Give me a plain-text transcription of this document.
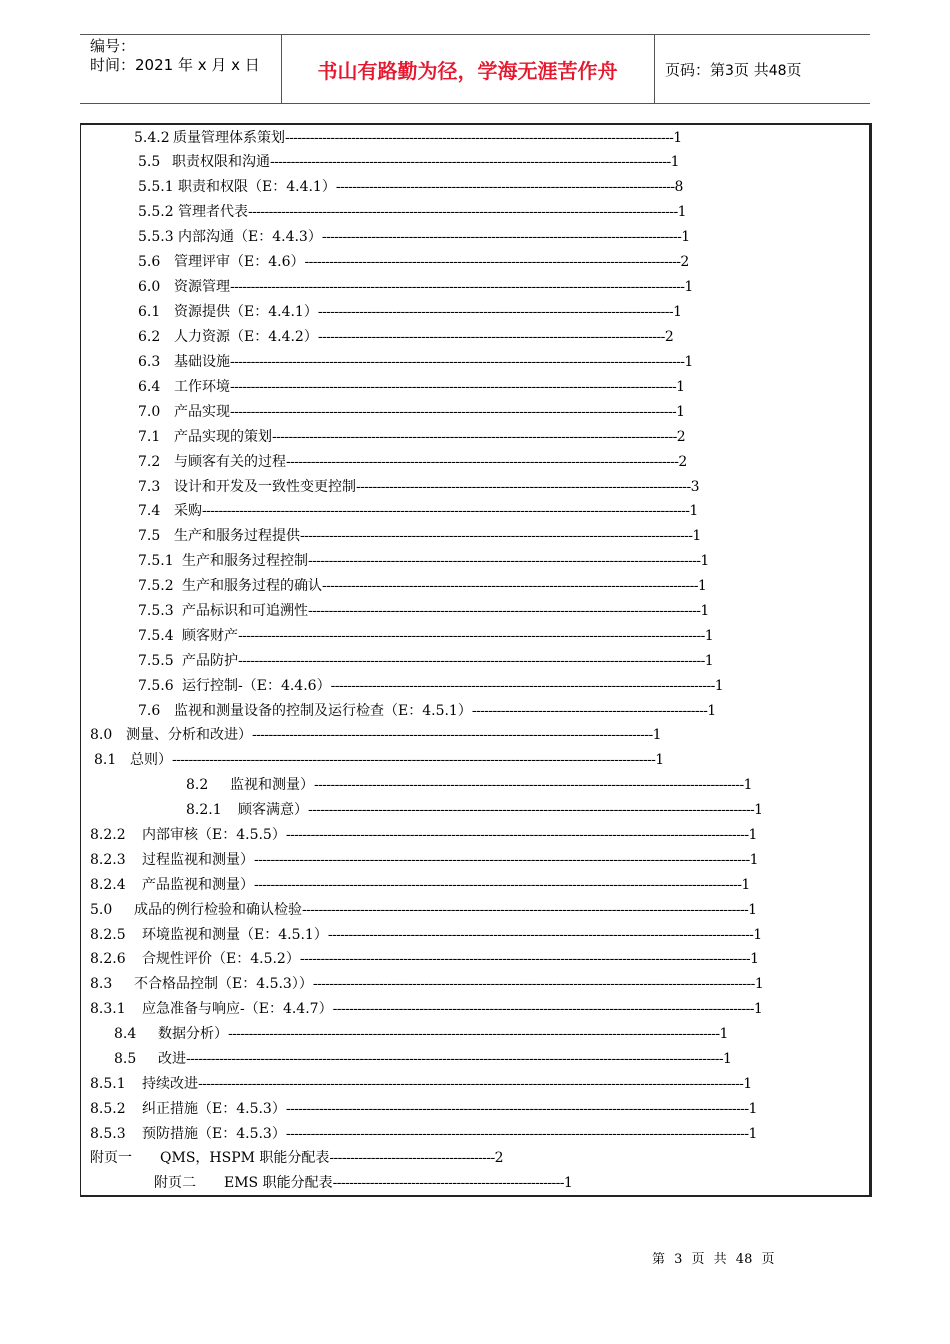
编号：
时间：2021 年 x 月 x 日	书山有路勤为径，学海无涯苦作舟	页码：第3页 共48页
5.4.2 质量管理体系策划----------------------------------------------------------------------------------------------1
5.5 职责权限和沟通-------------------------------------------------------------------------------------------------1
5.5.1 职责和权限（E：4.4.1）----------------------------------------------------------------------------------8
5.5.2 管理者代表--------------------------------------------------------------------------------------------------------1
5.5.3 内部沟通（E：4.4.3）---------------------------------------------------------------------------------------1
5.6 管理评审（E：4.6）-------------------------------------------------------------------------------------------2
6.0 资源管理--------------------------------------------------------------------------------------------------------------1
6.1 资源提供（E：4.4.1）--------------------------------------------------------------------------------------1
6.2 人力资源（E：4.4.2）------------------------------------------------------------------------------------2
6.3 基础设施--------------------------------------------------------------------------------------------------------------1
6.4 工作环境------------------------------------------------------------------------------------------------------------1
7.0 产品实现------------------------------------------------------------------------------------------------------------1
7.1 产品实现的策划--------------------------------------------------------------------------------------------------2
7.2 与顾客有关的过程-----------------------------------------------------------------------------------------------2
7.3 设计和开发及一致性变更控制---------------------------------------------------------------------------------3
7.4 采购----------------------------------------------------------------------------------------------------------------------1
7.5 生产和服务过程提供-----------------------------------------------------------------------------------------------1
7.5.1 生产和服务过程控制-----------------------------------------------------------------------------------------------1
7.5.2 生产和服务过程的确认-------------------------------------------------------------------------------------------1
7.5.3 产品标识和可追溯性-----------------------------------------------------------------------------------------------1
7.5.4 顾客财产-----------------------------------------------------------------------------------------------------------------1
7.5.5 产品防护-----------------------------------------------------------------------------------------------------------------1
7.5.6 运行控制-（E：4.4.6）---------------------------------------------------------------------------------------------1
7.6 监视和测量设备的控制及运行检查（E：4.5.1）---------------------------------------------------------1
8.0 测量、分析和改进）-------------------------------------------------------------------------------------------------1
8.1 总则）---------------------------------------------------------------------------------------------------------------------1
8.2 监视和测量）--------------------------------------------------------------------------------------------------------1
8.2.1 顾客满意）------------------------------------------------------------------------------------------------------------1
8.2.2 内部审核（E：4.5.5）----------------------------------------------------------------------------------------------------------------1
8.2.3 过程监视和测量）------------------------------------------------------------------------------------------------------------------------1
8.2.4 产品监视和测量）----------------------------------------------------------------------------------------------------------------------1
5.0 成品的例行检验和确认检验------------------------------------------------------------------------------------------------------------1
8.2.5 环境监视和测量（E：4.5.1）-------------------------------------------------------------------------------------------------------1
8.2.6 合规性评价（E：4.5.2）-------------------------------------------------------------------------------------------------------------1
8.3 不合格品控制（E：4.5.3））-----------------------------------------------------------------------------------------------------------1
8.3.1 应急准备与响应-（E：4.4.7）------------------------------------------------------------------------------------------------------1
8.4 数据分析）-----------------------------------------------------------------------------------------------------------------------1
8.5 改进----------------------------------------------------------------------------------------------------------------------------------1
8.5.1 持续改进------------------------------------------------------------------------------------------------------------------------------------1
8.5.2 纠正措施（E：4.5.3）----------------------------------------------------------------------------------------------------------------1
8.5.3 预防措施（E：4.5.3）----------------------------------------------------------------------------------------------------------------1
附页一 QMS，HSPM 职能分配表----------------------------------------2
附页二 EMS 职能分配表--------------------------------------------------------1
第 3 页 共 48 页
